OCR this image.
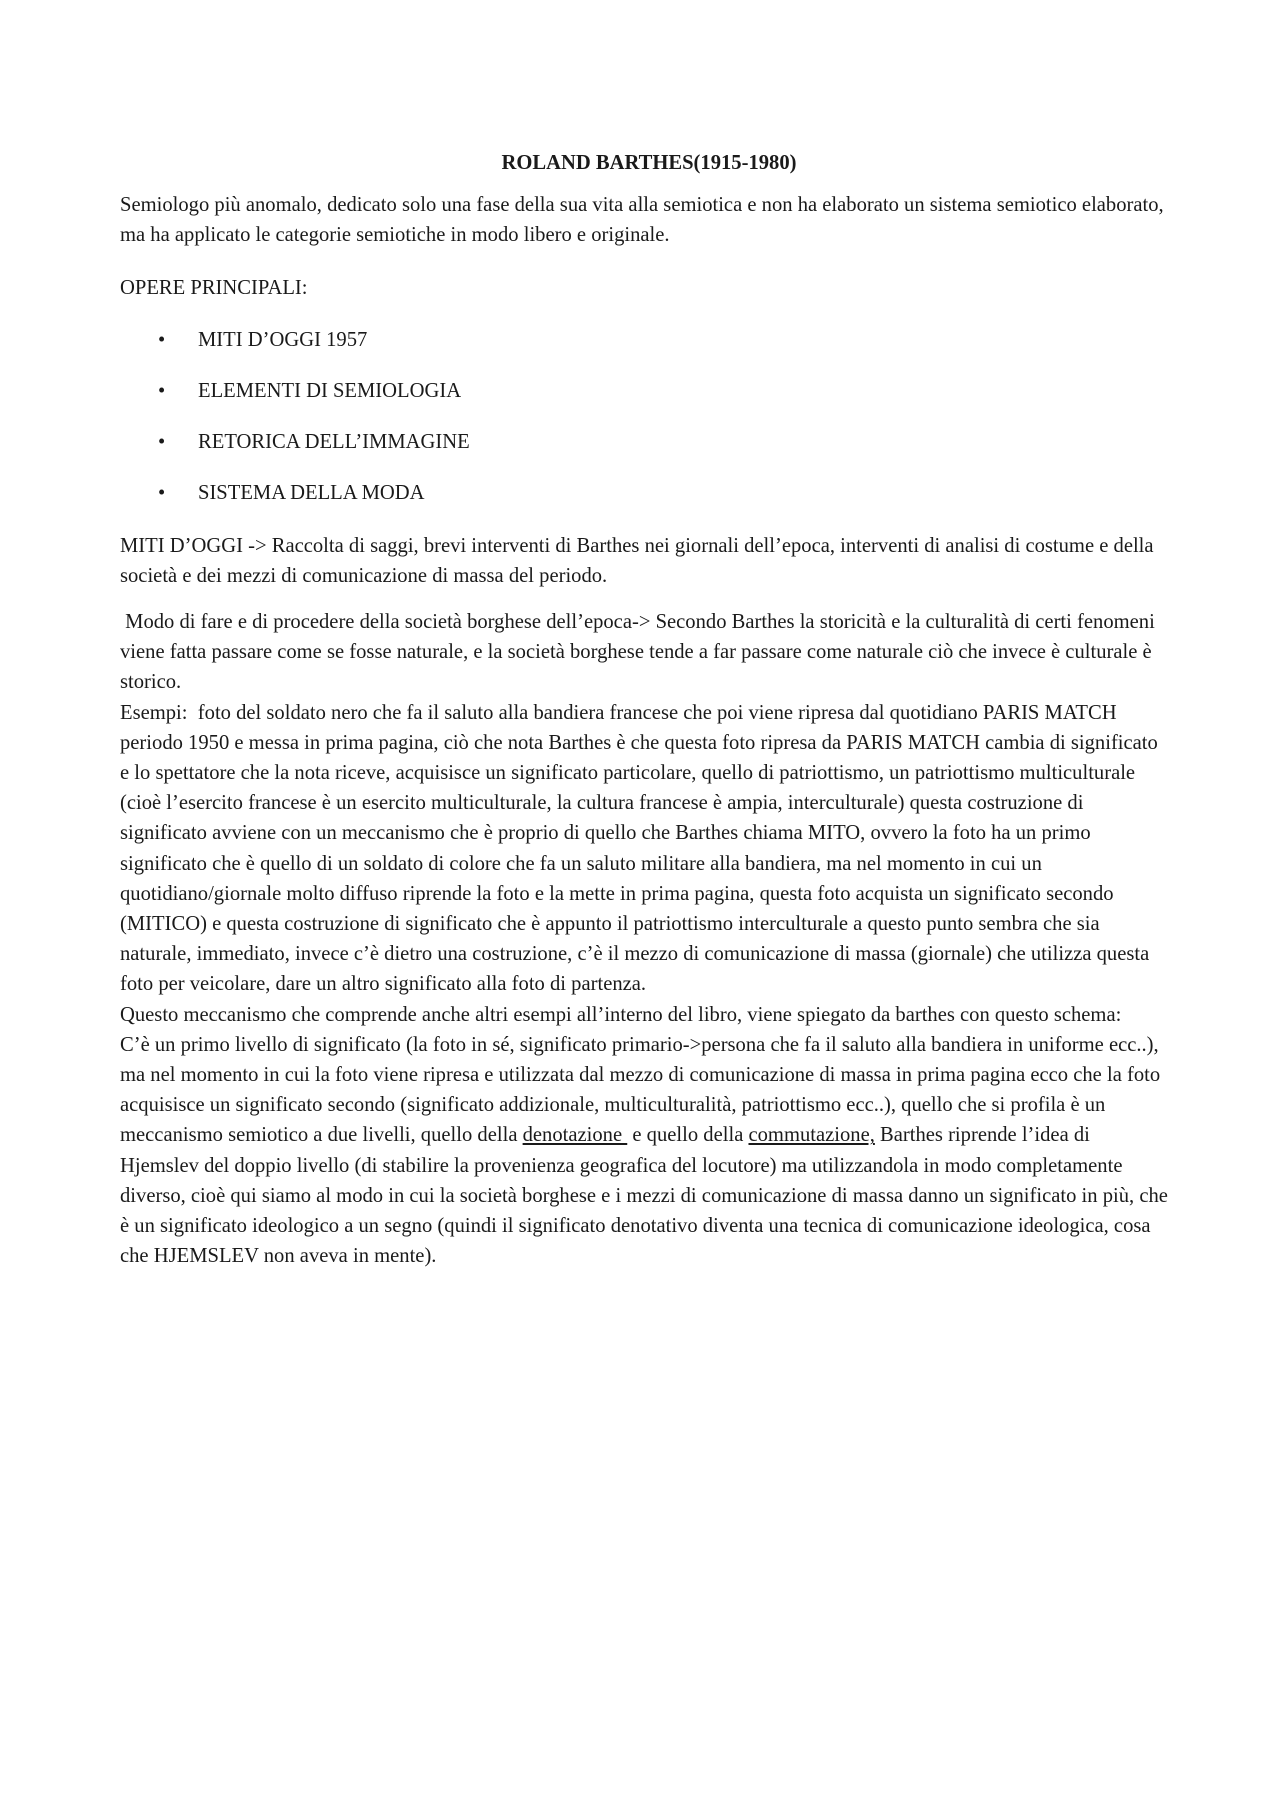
ROLAND BARTHES(1915-1980)

Semiologo più anomalo, dedicato solo una fase della sua vita alla semiotica e non ha elaborato un sistema semiotico elaborato, ma ha applicato le categorie semiotiche in modo libero e originale.

OPERE PRINCIPALI:

• MITI D’OGGI 1957
• ELEMENTI DI SEMIOLOGIA
• RETORICA DELL’IMMAGINE
• SISTEMA DELLA MODA

MITI D’OGGI -> Raccolta di saggi, brevi interventi di Barthes nei giornali dell’epoca, interventi di analisi di costume e della società e dei mezzi di comunicazione di massa del periodo.

Modo di fare e di procedere della società borghese dell’epoca-> Secondo Barthes la storicità e la culturalità di certi fenomeni viene fatta passare come se fosse naturale, e la società borghese tende a far passare come naturale ciò che invece è culturale è storico.

Esempi:  foto del soldato nero che fa il saluto alla bandiera francese che poi viene ripresa dal quotidiano PARIS MATCH periodo 1950 e messa in prima pagina, ciò che nota Barthes è che questa foto ripresa da PARIS MATCH cambia di significato e lo spettatore che la nota riceve, acquisisce un significato particolare, quello di patriottismo, un patriottismo multiculturale (cioè l’esercito francese è un esercito multiculturale, la cultura francese è ampia, interculturale) questa costruzione di significato avviene con un meccanismo che è proprio di quello che Barthes chiama MITO, ovvero la foto ha un primo significato che è quello di un soldato di colore che fa un saluto militare alla bandiera, ma nel momento in cui un quotidiano/giornale molto diffuso riprende la foto e la mette in prima pagina, questa foto acquista un significato secondo (MITICO) e questa costruzione di significato che è appunto il patriottismo interculturale a questo punto sembra che sia naturale, immediato, invece c’è dietro una costruzione, c’è il mezzo di comunicazione di massa (giornale) che utilizza questa foto per veicolare, dare un altro significato alla foto di partenza.

Questo meccanismo che comprende anche altri esempi all’interno del libro, viene spiegato da barthes con questo schema:

C’è un primo livello di significato (la foto in sé, significato primario->persona che fa il saluto alla bandiera in uniforme ecc..), ma nel momento in cui la foto viene ripresa e utilizzata dal mezzo di comunicazione di massa in prima pagina ecco che la foto acquisisce un significato secondo (significato addizionale, multiculturalità, patriottismo ecc..), quello che si profila è un meccanismo semiotico a due livelli, quello della denotazione  e quello della commutazione, Barthes riprende l’idea di Hjemslev del doppio livello (di stabilire la provenienza geografica del locutore) ma utilizzandola in modo completamente diverso, cioè qui siamo al modo in cui la società borghese e i mezzi di comunicazione di massa danno un significato in più, che è un significato ideologico a un segno (quindi il significato denotativo diventa una tecnica di comunicazione ideologica, cosa che HJEMSLEV non aveva in mente).
